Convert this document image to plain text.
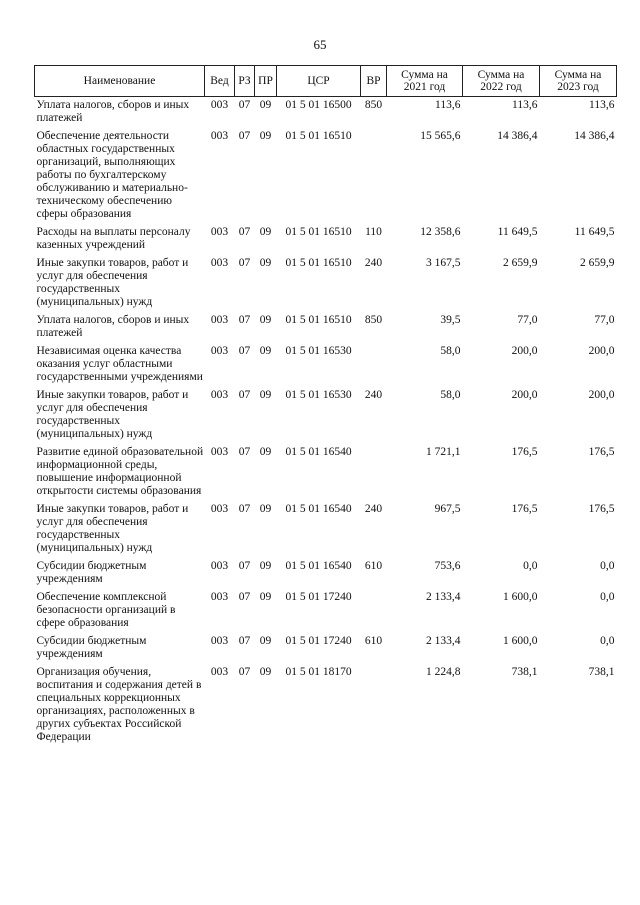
65
Наименование	Вед	РЗ	ПР	ЦСР	ВР	Сумма на 2021 год	Сумма на 2022 год	Сумма на 2023 год
Уплата налогов, сборов и иных платежей	003	07	09	01 5 01 16500	850	113,6	113,6	113,6
Обеспечение деятельности областных государственных организаций, выполняющих работы по бухгалтерскому обслуживанию и материально-техническому обеспечению сферы образования	003	07	09	01 5 01 16510		15 565,6	14 386,4	14 386,4
Расходы на выплаты персоналу казенных учреждений	003	07	09	01 5 01 16510	110	12 358,6	11 649,5	11 649,5
Иные закупки товаров, работ и услуг для обеспечения государственных (муниципальных) нужд	003	07	09	01 5 01 16510	240	3 167,5	2 659,9	2 659,9
Уплата налогов, сборов и иных платежей	003	07	09	01 5 01 16510	850	39,5	77,0	77,0
Независимая оценка качества оказания услуг областными государственными учреждениями	003	07	09	01 5 01 16530		58,0	200,0	200,0
Иные закупки товаров, работ и услуг для обеспечения государственных (муниципальных) нужд	003	07	09	01 5 01 16530	240	58,0	200,0	200,0
Развитие единой образовательной информационной среды, повышение информационной открытости системы образования	003	07	09	01 5 01 16540		1 721,1	176,5	176,5
Иные закупки товаров, работ и услуг для обеспечения государственных (муниципальных) нужд	003	07	09	01 5 01 16540	240	967,5	176,5	176,5
Субсидии бюджетным учреждениям	003	07	09	01 5 01 16540	610	753,6	0,0	0,0
Обеспечение комплексной безопасности организаций в сфере образования	003	07	09	01 5 01 17240		2 133,4	1 600,0	0,0
Субсидии бюджетным учреждениям	003	07	09	01 5 01 17240	610	2 133,4	1 600,0	0,0
Организация обучения, воспитания и содержания детей в специальных коррекционных организациях, расположенных в других субъектах Российской Федерации	003	07	09	01 5 01 18170		1 224,8	738,1	738,1
